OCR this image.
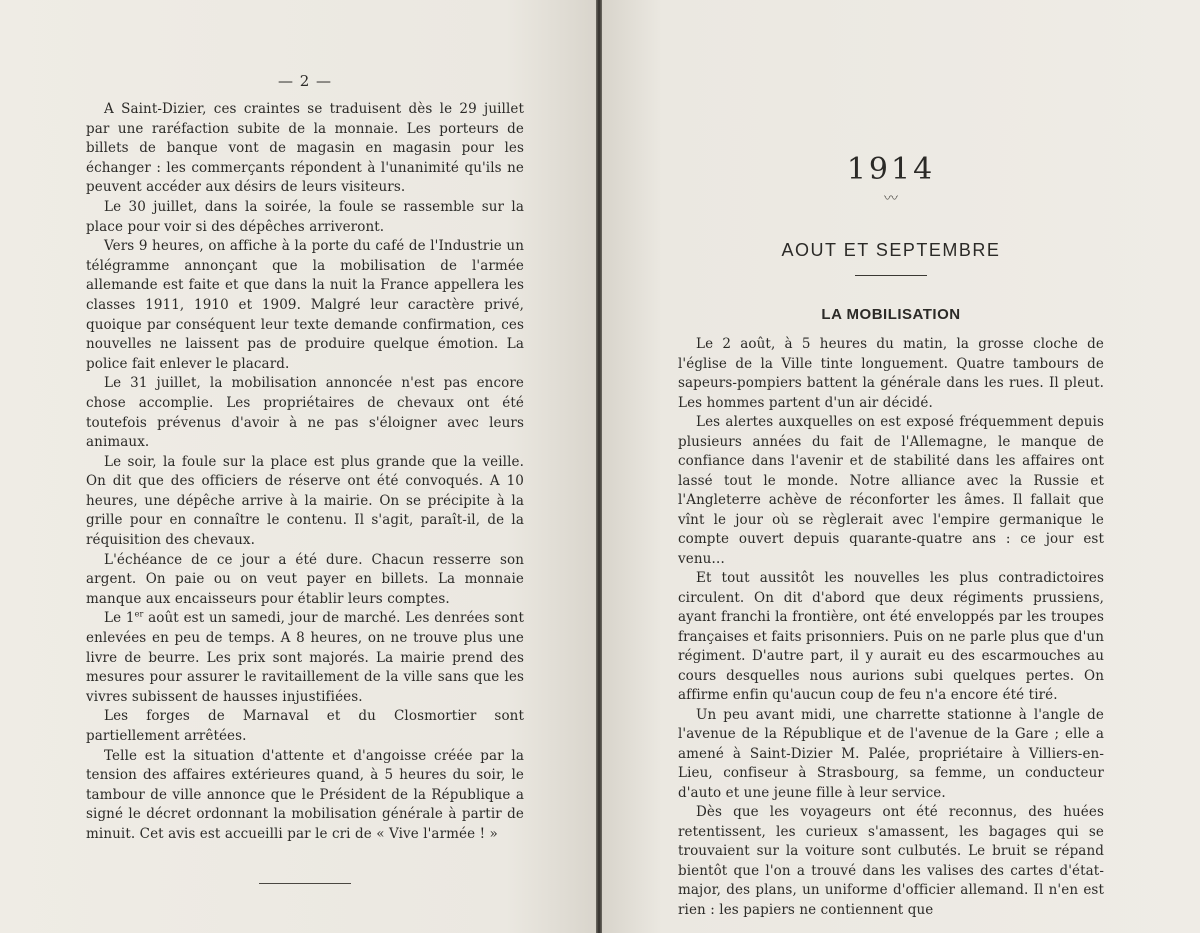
— 2 —

A Saint-Dizier, ces craintes se traduisent dès le 29 juillet par une raréfaction subite de la monnaie. Les porteurs de billets de banque vont de magasin en magasin pour les échanger : les commerçants répondent à l'unanimité qu'ils ne peuvent accéder aux désirs de leurs visiteurs.

Le 30 juillet, dans la soirée, la foule se rassemble sur la place pour voir si des dépêches arriveront.

Vers 9 heures, on affiche à la porte du café de l'Industrie un télégramme annonçant que la mobilisation de l'armée allemande est faite et que dans la nuit la France appellera les classes 1911, 1910 et 1909. Malgré leur caractère privé, quoique par conséquent leur texte demande confirmation, ces nouvelles ne laissent pas de produire quelque émotion. La police fait enlever le placard.

Le 31 juillet, la mobilisation annoncée n'est pas encore chose accomplie. Les propriétaires de chevaux ont été toutefois prévenus d'avoir à ne pas s'éloigner avec leurs animaux.

Le soir, la foule sur la place est plus grande que la veille. On dit que des officiers de réserve ont été convoqués. A 10 heures, une dépêche arrive à la mairie. On se précipite à la grille pour en connaître le contenu. Il s'agit, paraît-il, de la réquisition des chevaux.

L'échéance de ce jour a été dure. Chacun resserre son argent. On paie ou on veut payer en billets. La monnaie manque aux encaisseurs pour établir leurs comptes.

Le 1er août est un samedi, jour de marché. Les denrées sont enlevées en peu de temps. A 8 heures, on ne trouve plus une livre de beurre. Les prix sont majorés. La mairie prend des mesures pour assurer le ravitaillement de la ville sans que les vivres subissent de hausses injustifiées.

Les forges de Marnaval et du Closmortier sont partiellement arrêtées.

Telle est la situation d'attente et d'angoisse créée par la tension des affaires extérieures quand, à 5 heures du soir, le tambour de ville annonce que le Président de la République a signé le décret ordonnant la mobilisation générale à partir de minuit. Cet avis est accueilli par le cri de « Vive l'armée ! »

1914
〰
AOUT ET SEPTEMBRE
LA MOBILISATION

Le 2 août, à 5 heures du matin, la grosse cloche de l'église de la Ville tinte longuement. Quatre tambours de sapeurs-pompiers battent la générale dans les rues. Il pleut. Les hommes partent d'un air décidé.

Les alertes auxquelles on est exposé fréquemment depuis plusieurs années du fait de l'Allemagne, le manque de confiance dans l'avenir et de stabilité dans les affaires ont lassé tout le monde. Notre alliance avec la Russie et l'Angleterre achève de réconforter les âmes. Il fallait que vînt le jour où se règlerait avec l'empire germanique le compte ouvert depuis quarante-quatre ans : ce jour est venu…

Et tout aussitôt les nouvelles les plus contradictoires circulent. On dit d'abord que deux régiments prussiens, ayant franchi la frontière, ont été enveloppés par les troupes françaises et faits prisonniers. Puis on ne parle plus que d'un régiment. D'autre part, il y aurait eu des escarmouches au cours desquelles nous aurions subi quelques pertes. On affirme enfin qu'aucun coup de feu n'a encore été tiré.

Un peu avant midi, une charrette stationne à l'angle de l'avenue de la République et de l'avenue de la Gare ; elle a amené à Saint-Dizier M. Palée, propriétaire à Villiers-en-Lieu, confiseur à Strasbourg, sa femme, un conducteur d'auto et une jeune fille à leur service.

Dès que les voyageurs ont été reconnus, des huées retentissent, les curieux s'amassent, les bagages qui se trouvaient sur la voiture sont culbutés. Le bruit se répand bientôt que l'on a trouvé dans les valises des cartes d'état-major, des plans, un uniforme d'officier allemand. Il n'en est rien : les papiers ne contiennent que
